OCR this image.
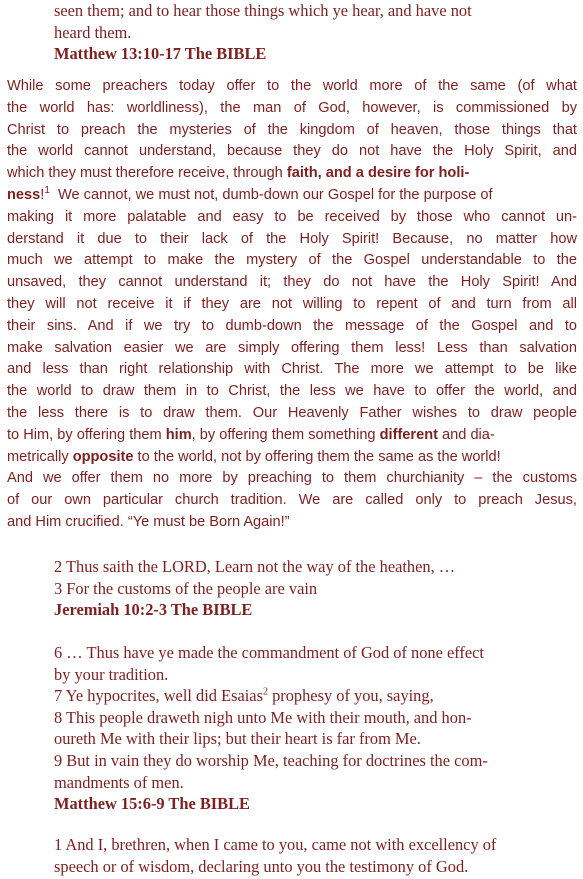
seen them; and to hear those things which ye hear, and have not
heard them.
Matthew 13:10-17 The BIBLE
While some preachers today offer to the world more of the same (of what
the world has: worldliness), the man of God, however, is commissioned by
Christ to preach the mysteries of the kingdom of heaven, those things that
the world cannot understand, because they do not have the Holy Spirit, and
which they must therefore receive, through faith, and a desire for holi-
ness!$^1$  We cannot, we must not, dumb-down our Gospel for the purpose of
making it more palatable and easy to be received by those who cannot un-
derstand it due to their lack of the Holy Spirit! Because, no matter how
much we attempt to make the mystery of the Gospel understandable to the
unsaved, they cannot understand it; they do not have the Holy Spirit! And
they will not receive it if they are not willing to repent of and turn from all
their sins. And if we try to dumb-down the message of the Gospel and to
make salvation easier we are simply offering them less! Less than salvation
and less than right relationship with Christ. The more we attempt to be like
the world to draw them in to Christ, the less we have to offer the world, and
the less there is to draw them. Our Heavenly Father wishes to draw people
to Him, by offering them him, by offering them something different and dia-
metrically opposite to the world, not by offering them the same as the world!
And we offer them no more by preaching to them churchianity – the customs
of our own particular church tradition. We are called only to preach Jesus,
and Him crucified. “Ye must be Born Again!”
2 Thus saith the LORD, Learn not the way of the heathen, …
3 For the customs of the people are vain
Jeremiah 10:2-3 The BIBLE
6 … Thus have ye made the commandment of God of none effect
by your tradition.
7 Ye hypocrites, well did Esaias$^2$ prophesy of you, saying,
8 This people draweth nigh unto Me with their mouth, and hon-
oureth Me with their lips; but their heart is far from Me.
9 But in vain they do worship Me, teaching for doctrines the com-
mandments of men.
Matthew 15:6-9 The BIBLE
1 And I, brethren, when I came to you, came not with excellency of
speech or of wisdom, declaring unto you the testimony of God.
